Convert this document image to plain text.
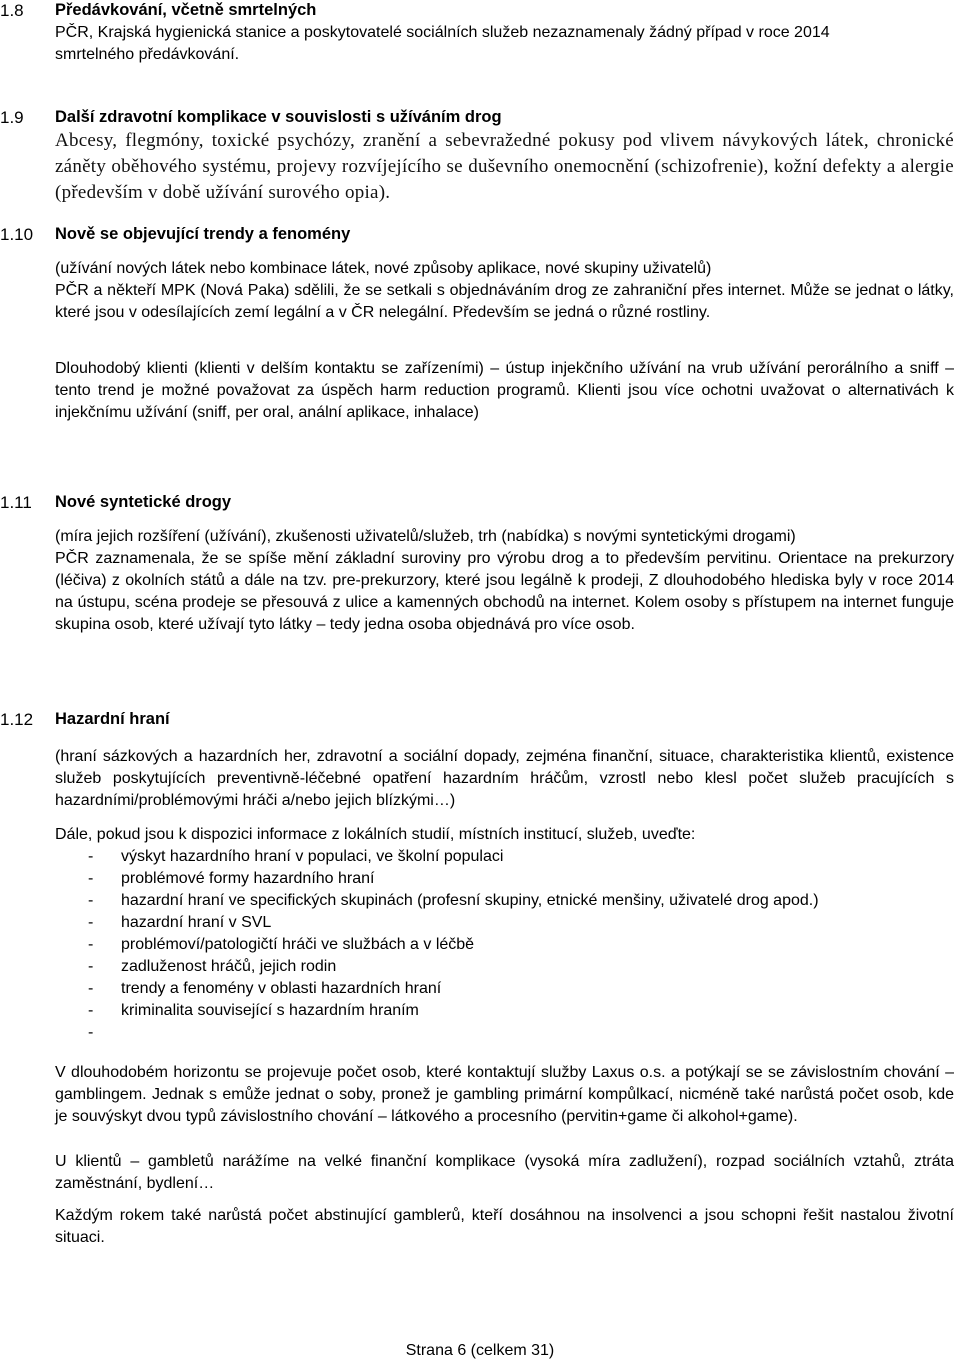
1.8 Předávkování, včetně smrtelných
PČR, Krajská hygienická stanice a poskytovatelé sociálních služeb nezaznamenaly žádný případ v roce 2014
smrtelného předávkování.
1.9 Další zdravotní komplikace v souvislosti s užíváním drog
Abcesy, flegmóny, toxické psychózy, zranění a sebevražedné pokusy pod vlivem návykových látek, chronické záněty oběhového systému, projevy rozvíjejícího se duševního onemocnění (schizofrenie), kožní defekty a alergie (především v době užívání surového opia).
1.10 Nově se objevující trendy a fenomény
(užívání nových látek nebo kombinace látek, nové způsoby aplikace, nové skupiny uživatelů)
PČR a někteří MPK (Nová Paka) sdělili, že se setkali s objednáváním drog ze zahraniční přes internet. Může se jednat o látky, které jsou v odesílajících zemí legální a v ČR nelegální. Především se jedná o různé rostliny.
Dlouhodobý klienti (klienti v delším kontaktu se zařízeními) – ústup injekčního užívání na vrub užívání perorálního a sniff – tento trend je možné považovat za úspěch harm reduction programů. Klienti jsou více ochotni uvažovat o alternativách k injekčnímu užívání (sniff, per oral, anální aplikace, inhalace)
1.11 Nové syntetické drogy
(míra jejich rozšíření (užívání), zkušenosti uživatelů/služeb, trh (nabídka) s novými syntetickými drogami)
PČR zaznamenala, že se spíše mění základní suroviny pro výrobu drog a to především pervitinu. Orientace na prekurzory (léčiva) z okolních států a dále na tzv. pre-prekurzory, které jsou legálně k prodeji, Z dlouhodobého hlediska byly v roce 2014 na ústupu, scéna prodeje se přesouvá z ulice a kamenných obchodů na internet. Kolem osoby s přístupem na internet funguje skupina osob, které užívají tyto látky – tedy jedna osoba objednává pro více osob.
1.12 Hazardní hraní
(hraní sázkových a hazardních her, zdravotní a sociální dopady, zejména finanční, situace, charakteristika klientů, existence služeb poskytujících preventivně-léčebné opatření hazardním hráčům, vzrostl nebo klesl počet služeb pracujících s hazardními/problémovými hráči a/nebo jejich blízkými…)
Dále, pokud jsou k dispozici informace z lokálních studií, místních institucí, služeb, uveďte:
- výskyt hazardního hraní v populaci, ve školní populaci
- problémové formy hazardního hraní
- hazardní hraní ve specifických skupinách (profesní skupiny, etnické menšiny, uživatelé drog apod.)
- hazardní hraní v SVL
- problémoví/patologičtí hráči ve službách a v léčbě
- zadluženost hráčů, jejich rodin
- trendy a fenomény v oblasti hazardních hraní
- kriminalita související s hazardním hraním
-
V dlouhodobém horizontu se projevuje počet osob, které kontaktují služby Laxus o.s. a potýkají se se závislostním chování – gamblingem. Jednak s emůže jednat o soby, pronež je gambling primární kompůlkací, nicméně také narůstá počet osob, kde je souvýskyt dvou typů závislostního chování – látkového a procesního (pervitin+game či alkohol+game).
U klientů – gambletů narážíme na velké finanční komplikace (vysoká míra zadlužení), rozpad sociálních vztahů, ztráta zaměstnání, bydlení…
Každým rokem také narůstá počet abstinující gamblerů, kteří dosáhnou na insolvenci a jsou schopni řešit nastalou životní situaci.
Strana 6 (celkem 31)
